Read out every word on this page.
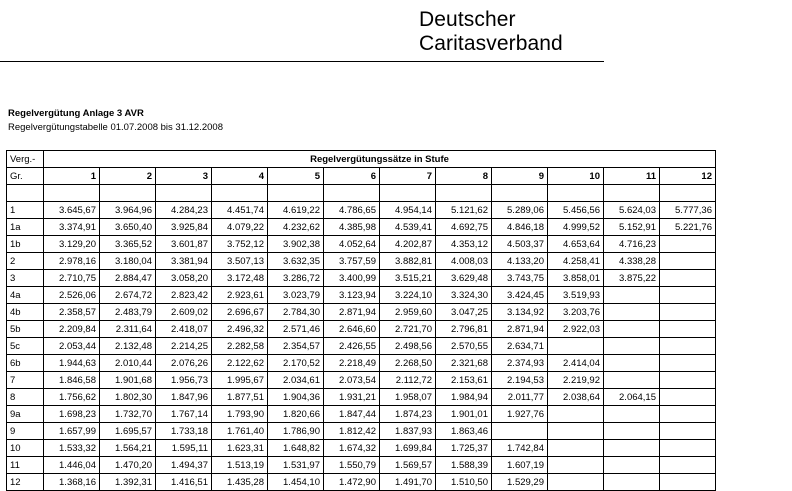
Deutscher
Caritasverband
Regelvergütung Anlage 3 AVR
Regelvergütungstabelle 01.07.2008 bis 31.12.2008
Verg.-	Regelvergütungssätze in Stufe											
Gr.	1	2	3	4	5	6	7	8	9	10	11	12

1	3.645,67	3.964,96	4.284,23	4.451,74	4.619,22	4.786,65	4.954,14	5.121,62	5.289,06	5.456,56	5.624,03	5.777,36
1a	3.374,91	3.650,40	3.925,84	4.079,22	4.232,62	4.385,98	4.539,41	4.692,75	4.846,18	4.999,52	5.152,91	5.221,76
1b	3.129,20	3.365,52	3.601,87	3.752,12	3.902,38	4.052,64	4.202,87	4.353,12	4.503,37	4.653,64	4.716,23	
2	2.978,16	3.180,04	3.381,94	3.507,13	3.632,35	3.757,59	3.882,81	4.008,03	4.133,20	4.258,41	4.338,28	
3	2.710,75	2.884,47	3.058,20	3.172,48	3.286,72	3.400,99	3.515,21	3.629,48	3.743,75	3.858,01	3.875,22	
4a	2.526,06	2.674,72	2.823,42	2.923,61	3.023,79	3.123,94	3.224,10	3.324,30	3.424,45	3.519,93		
4b	2.358,57	2.483,79	2.609,02	2.696,67	2.784,30	2.871,94	2.959,60	3.047,25	3.134,92	3.203,76		
5b	2.209,84	2.311,64	2.418,07	2.496,32	2.571,46	2.646,60	2.721,70	2.796,81	2.871,94	2.922,03		
5c	2.053,44	2.132,48	2.214,25	2.282,58	2.354,57	2.426,55	2.498,56	2.570,55	2.634,71			
6b	1.944,63	2.010,44	2.076,26	2.122,62	2.170,52	2.218,49	2.268,50	2.321,68	2.374,93	2.414,04		
7	1.846,58	1.901,68	1.956,73	1.995,67	2.034,61	2.073,54	2.112,72	2.153,61	2.194,53	2.219,92		
8	1.756,62	1.802,30	1.847,96	1.877,51	1.904,36	1.931,21	1.958,07	1.984,94	2.011,77	2.038,64	2.064,15	
9a	1.698,23	1.732,70	1.767,14	1.793,90	1.820,66	1.847,44	1.874,23	1.901,01	1.927,76			
9	1.657,99	1.695,57	1.733,18	1.761,40	1.786,90	1.812,42	1.837,93	1.863,46				
10	1.533,32	1.564,21	1.595,11	1.623,31	1.648,82	1.674,32	1.699,84	1.725,37	1.742,84			
11	1.446,04	1.470,20	1.494,37	1.513,19	1.531,97	1.550,79	1.569,57	1.588,39	1.607,19			
12	1.368,16	1.392,31	1.416,51	1.435,28	1.454,10	1.472,90	1.491,70	1.510,50	1.529,29			
